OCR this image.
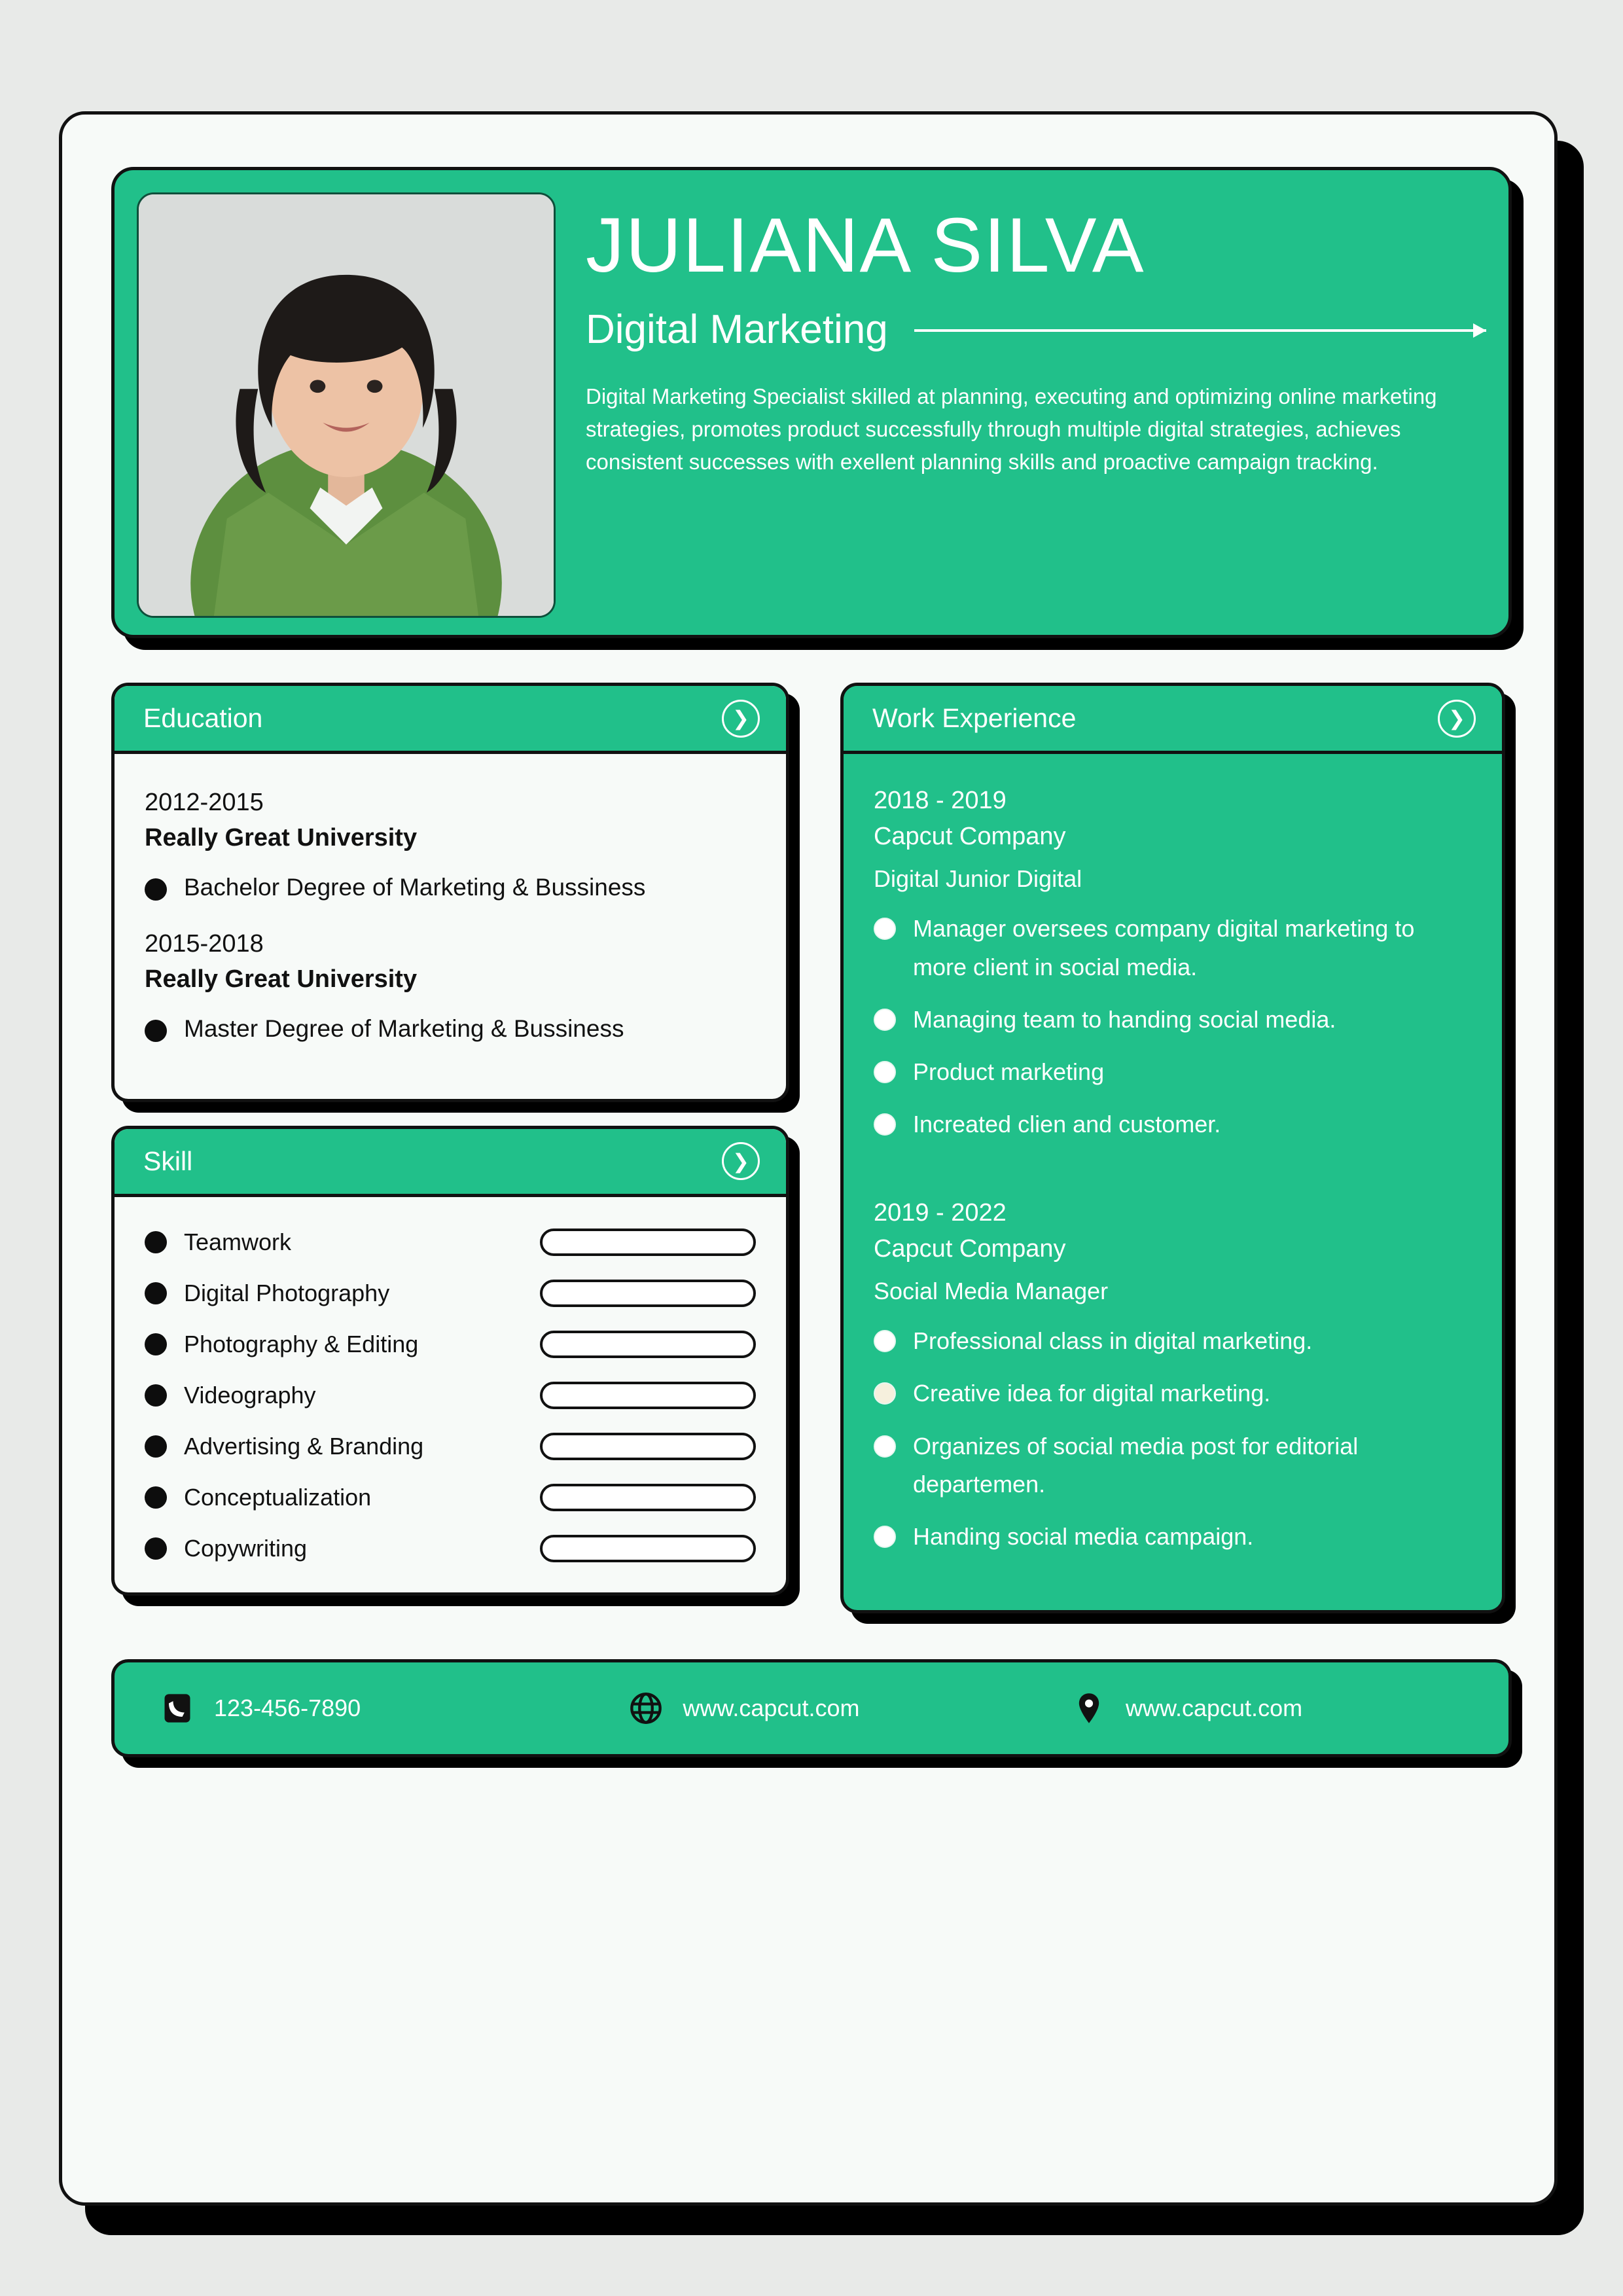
JULIANA SILVA
Digital Marketing
Digital Marketing Specialist skilled at planning, executing and optimizing online marketing strategies, promotes product successfully through multiple digital strategies, achieves consistent successes with exellent planning skills and proactive campaign tracking.
Education	❯
2012-2015
Really Great University
Bachelor Degree of Marketing & Bussiness
2015-2018
Really Great University
Master Degree of Marketing & Bussiness
Skill	❯
Teamwork
Digital Photography
Photography & Editing
Videography
Advertising & Branding
Conceptualization
Copywriting
Work Experience	❯
2018 - 2019
Capcut Company
Digital Junior Digital
Manager oversees company digital marketing to more client in social media.
Managing team to handing social media.
Product marketing
Increated clien and customer.
2019 - 2022
Capcut Company
Social Media Manager
Professional class in digital marketing.
Creative idea for digital marketing.
Organizes of social media post for editorial departemen.
Handing social media campaign.
123-456-7890	www.capcut.com	www.capcut.com
